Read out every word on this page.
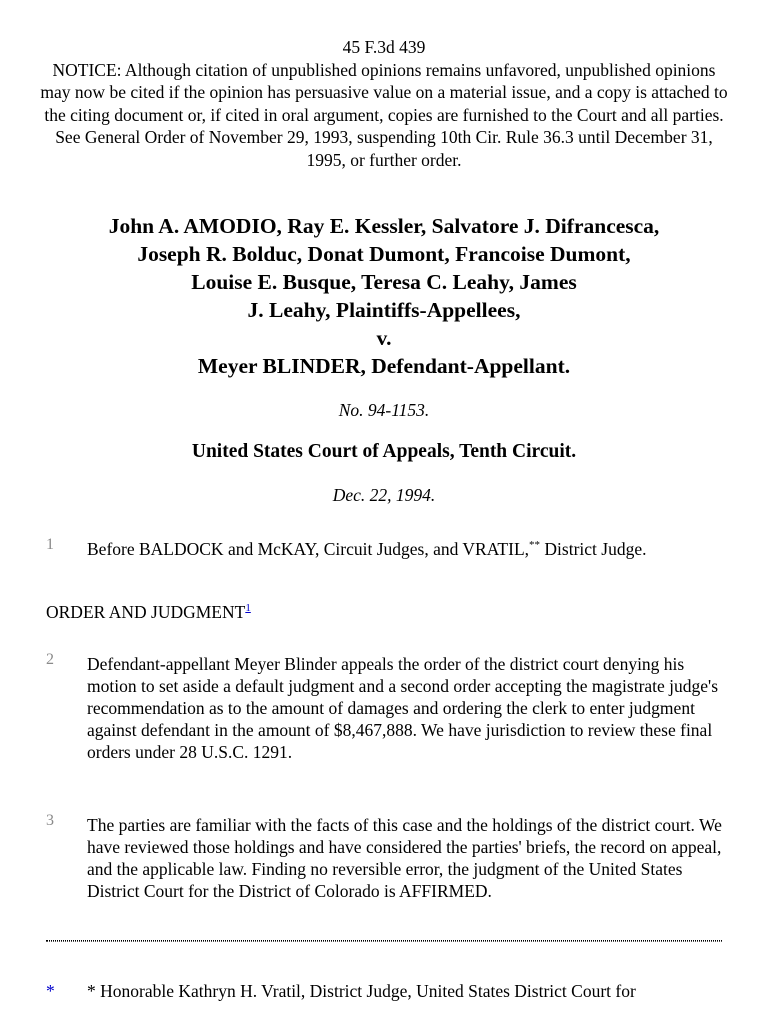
45 F.3d 439

NOTICE: Although citation of unpublished opinions remains unfavored, unpublished opinions may now be cited if the opinion has persuasive value on a material issue, and a copy is attached to the citing document or, if cited in oral argument, copies are furnished to the Court and all parties. See General Order of November 29, 1993, suspending 10th Cir. Rule 36.3 until December 31, 1995, or further order.

John A. AMODIO, Ray E. Kessler, Salvatore J. Difrancesca,
Joseph R. Bolduc, Donat Dumont, Francoise Dumont,
Louise E. Busque, Teresa C. Leahy, James
J. Leahy, Plaintiffs-Appellees,
v.
Meyer BLINDER, Defendant-Appellant.
No. 94-1153.
United States Court of Appeals, Tenth Circuit.
Dec. 22, 1994.
1 Before BALDOCK and McKAY, Circuit Judges, and VRATIL,** District Judge.
ORDER AND JUDGMENT$^1$
2 Defendant-appellant Meyer Blinder appeals the order of the district court denying his motion to set aside a default judgment and a second order accepting the magistrate judge's recommendation as to the amount of damages and ordering the clerk to enter judgment against defendant in the amount of $8,467,888. We have jurisdiction to review these final orders under 28 U.S.C. 1291.
3 The parties are familiar with the facts of this case and the holdings of the district court. We have reviewed those holdings and have considered the parties' briefs, the record on appeal, and the applicable law. Finding no reversible error, the judgment of the United States District Court for the District of Colorado is AFFIRMED.
* * Honorable Kathryn H. Vratil, District Judge, United States District Court for
